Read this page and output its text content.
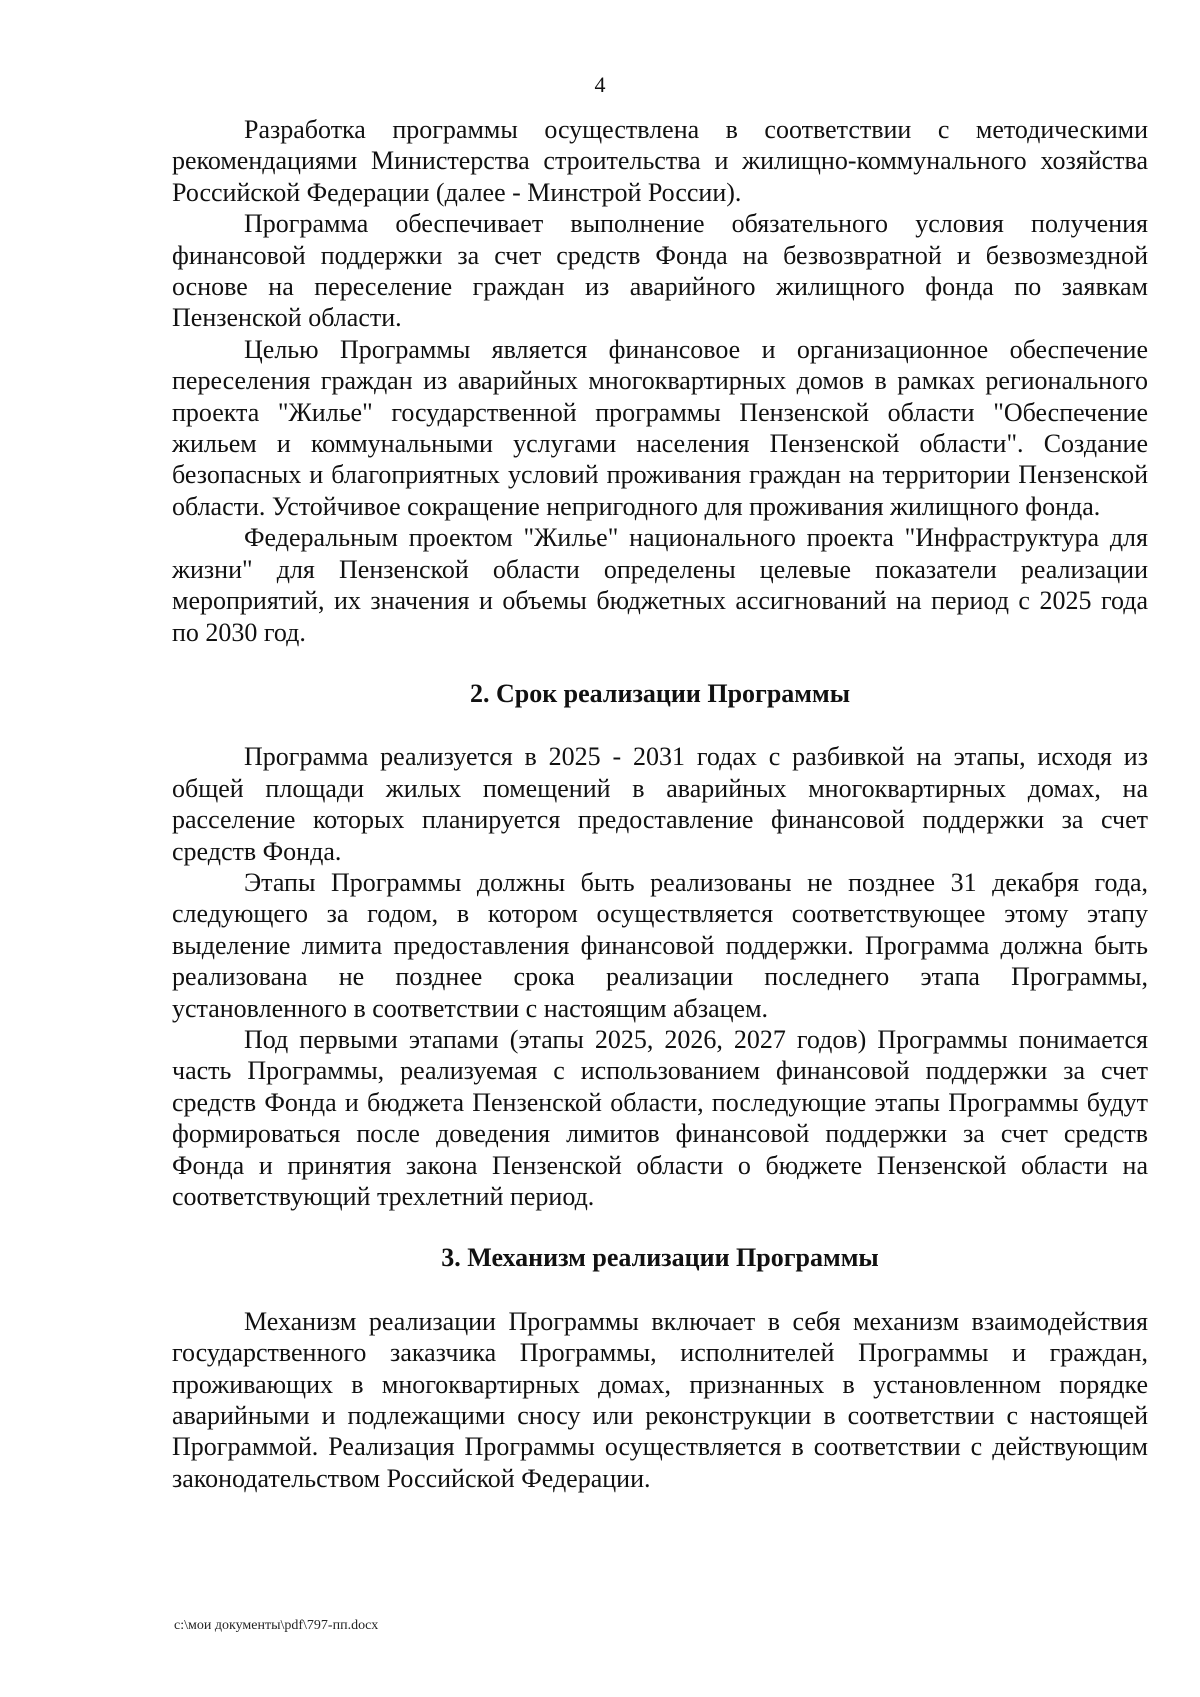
4

Разработка программы осуществлена в соответствии с методическими рекомендациями Министерства строительства и жилищно-коммунального хозяйства Российской Федерации (далее - Минстрой России).

Программа обеспечивает выполнение обязательного условия получения финансовой поддержки за счет средств Фонда на безвозвратной и безвозмездной основе на переселение граждан из аварийного жилищного фонда по заявкам Пензенской области.

Целью Программы является финансовое и организационное обеспечение переселения граждан из аварийных многоквартирных домов в рамках регионального проекта "Жилье" государственной программы Пензенской области "Обеспечение жильем и коммунальными услугами населения Пензенской области". Создание безопасных и благоприятных условий проживания граждан на территории Пензенской области. Устойчивое сокращение непригодного для проживания жилищного фонда.

Федеральным проектом "Жилье" национального проекта "Инфраструктура для жизни" для Пензенской области определены целевые показатели реализации мероприятий, их значения и объемы бюджетных ассигнований на период с 2025 года по 2030 год.

2. Срок реализации Программы

Программа реализуется в 2025 - 2031 годах с разбивкой на этапы, исходя из общей площади жилых помещений в аварийных многоквартирных домах, на расселение которых планируется предоставление финансовой поддержки за счет средств Фонда.

Этапы Программы должны быть реализованы не позднее 31 декабря года, следующего за годом, в котором осуществляется соответствующее этому этапу выделение лимита предоставления финансовой поддержки. Программа должна быть реализована не позднее срока реализации последнего этапа Программы, установленного в соответствии с настоящим абзацем.

Под первыми этапами (этапы 2025, 2026, 2027 годов) Программы понимается часть Программы, реализуемая с использованием финансовой поддержки за счет средств Фонда и бюджета Пензенской области, последующие этапы Программы будут формироваться после доведения лимитов финансовой поддержки за счет средств Фонда и принятия закона Пензенской области о бюджете Пензенской области на соответствующий трехлетний период.

3. Механизм реализации Программы

Механизм реализации Программы включает в себя механизм взаимодействия государственного заказчика Программы, исполнителей Программы и граждан, проживающих в многоквартирных домах, признанных в установленном порядке аварийными и подлежащими сносу или реконструкции в соответствии с настоящей Программой. Реализация Программы осуществляется в соответствии с действующим законодательством Российской Федерации.

c:\мои документы\pdf\797-пп.docx
